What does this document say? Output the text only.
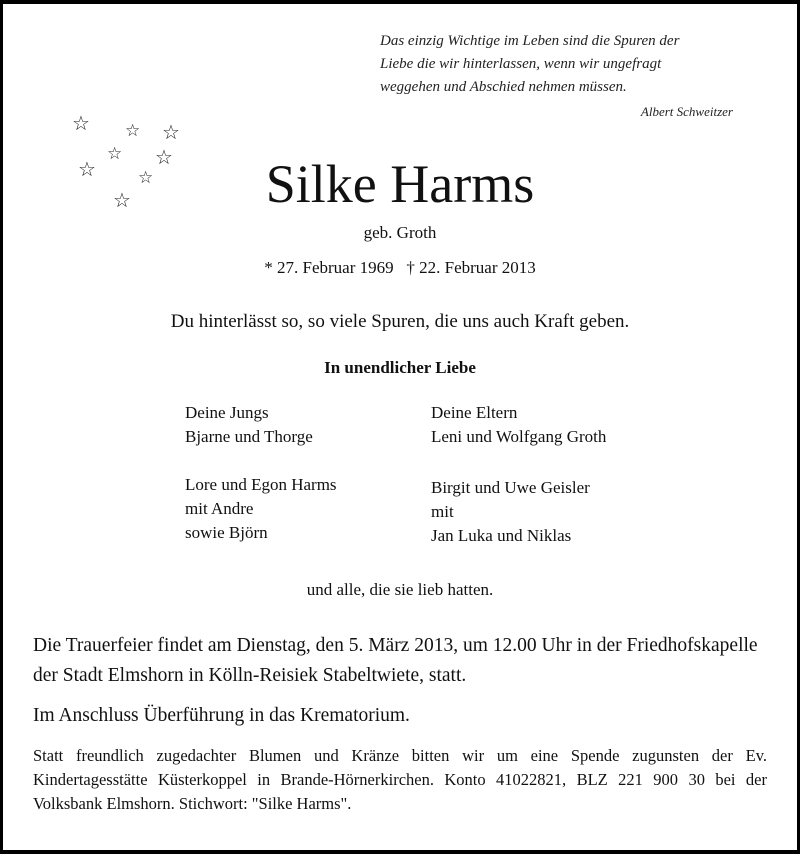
Das einzig Wichtige im Leben sind die Spuren der
Liebe die wir hinterlassen, wenn wir ungefragt
weggehen und Abschied nehmen müssen.
Albert Schweitzer
☆ ☆ ☆
☆ ☆
☆ ☆
☆	Silke Harms
geb. Groth
* 27. Februar 1969   † 22. Februar 2013
Du hinterlässt so, so viele Spuren, die uns auch Kraft geben.
In unendlicher Liebe
Deine Jungs
Bjarne und Thorge
Lore und Egon Harms
mit Andre
sowie Björn
Deine Eltern
Leni und Wolfgang Groth
Birgit und Uwe Geisler
mit
Jan Luka und Niklas
und alle, die sie lieb hatten.
Die Trauerfeier findet am Dienstag, den 5. März 2013, um 12.00 Uhr in der Friedhofskapelle der Stadt Elmshorn in Kölln-Reisiek Stabeltwiete, statt.
Im Anschluss Überführung in das Krematorium.
Statt freundlich zugedachter Blumen und Kränze bitten wir um eine Spende zugunsten der Ev. Kindertagesstätte Küsterkoppel in Brande-Hörnerkirchen. Konto 41022821, BLZ 221 900 30 bei der Volksbank Elmshorn. Stichwort: "Silke Harms".
